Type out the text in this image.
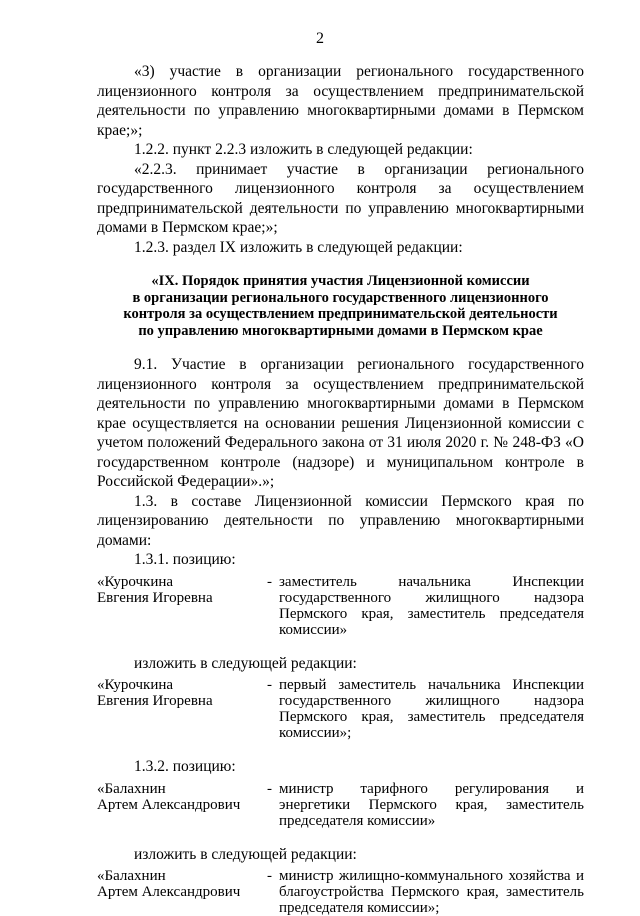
2

«3) участие в организации регионального государственного лицензионного контроля за осуществлением предпринимательской деятельности по управлению многоквартирными домами в Пермском крае;»;

1.2.2. пункт 2.2.3 изложить в следующей редакции:

«2.2.3. принимает участие в организации регионального государственного лицензионного контроля за осуществлением предпринимательской деятельности по управлению многоквартирными домами в Пермском крае;»;

1.2.3. раздел IX изложить в следующей редакции:

«IX. Порядок принятия участия Лицензионной комиссии
в организации регионального государственного лицензионного
контроля за осуществлением предпринимательской деятельности
по управлению многоквартирными домами в Пермском крае

9.1. Участие в организации регионального государственного лицензионного контроля за осуществлением предпринимательской деятельности по управлению многоквартирными домами в Пермском крае осуществляется на основании решения Лицензионной комиссии с учетом положений Федерального закона от 31 июля 2020 г. № 248-ФЗ «О государственном контроле (надзоре) и муниципальном контроле в Российской Федерации».»;

1.3. в составе Лицензионной комиссии Пермского края по лицензированию деятельности по управлению многоквартирными домами:

1.3.1. позицию:

«Курочкина
Евгения Игоревна
- заместитель начальника Инспекции государственного жилищного надзора Пермского края, заместитель председателя комиссии»

изложить в следующей редакции:

«Курочкина
Евгения Игоревна
- первый заместитель начальника Инспекции государственного жилищного надзора Пермского края, заместитель председателя комиссии»;

1.3.2. позицию:

«Балахнин
Артем Александрович
- министр тарифного регулирования и энергетики Пермского края, заместитель председателя комиссии»

изложить в следующей редакции:

«Балахнин
Артем Александрович
- министр жилищно-коммунального хозяйства и благоустройства Пермского края, заместитель председателя комиссии»;
